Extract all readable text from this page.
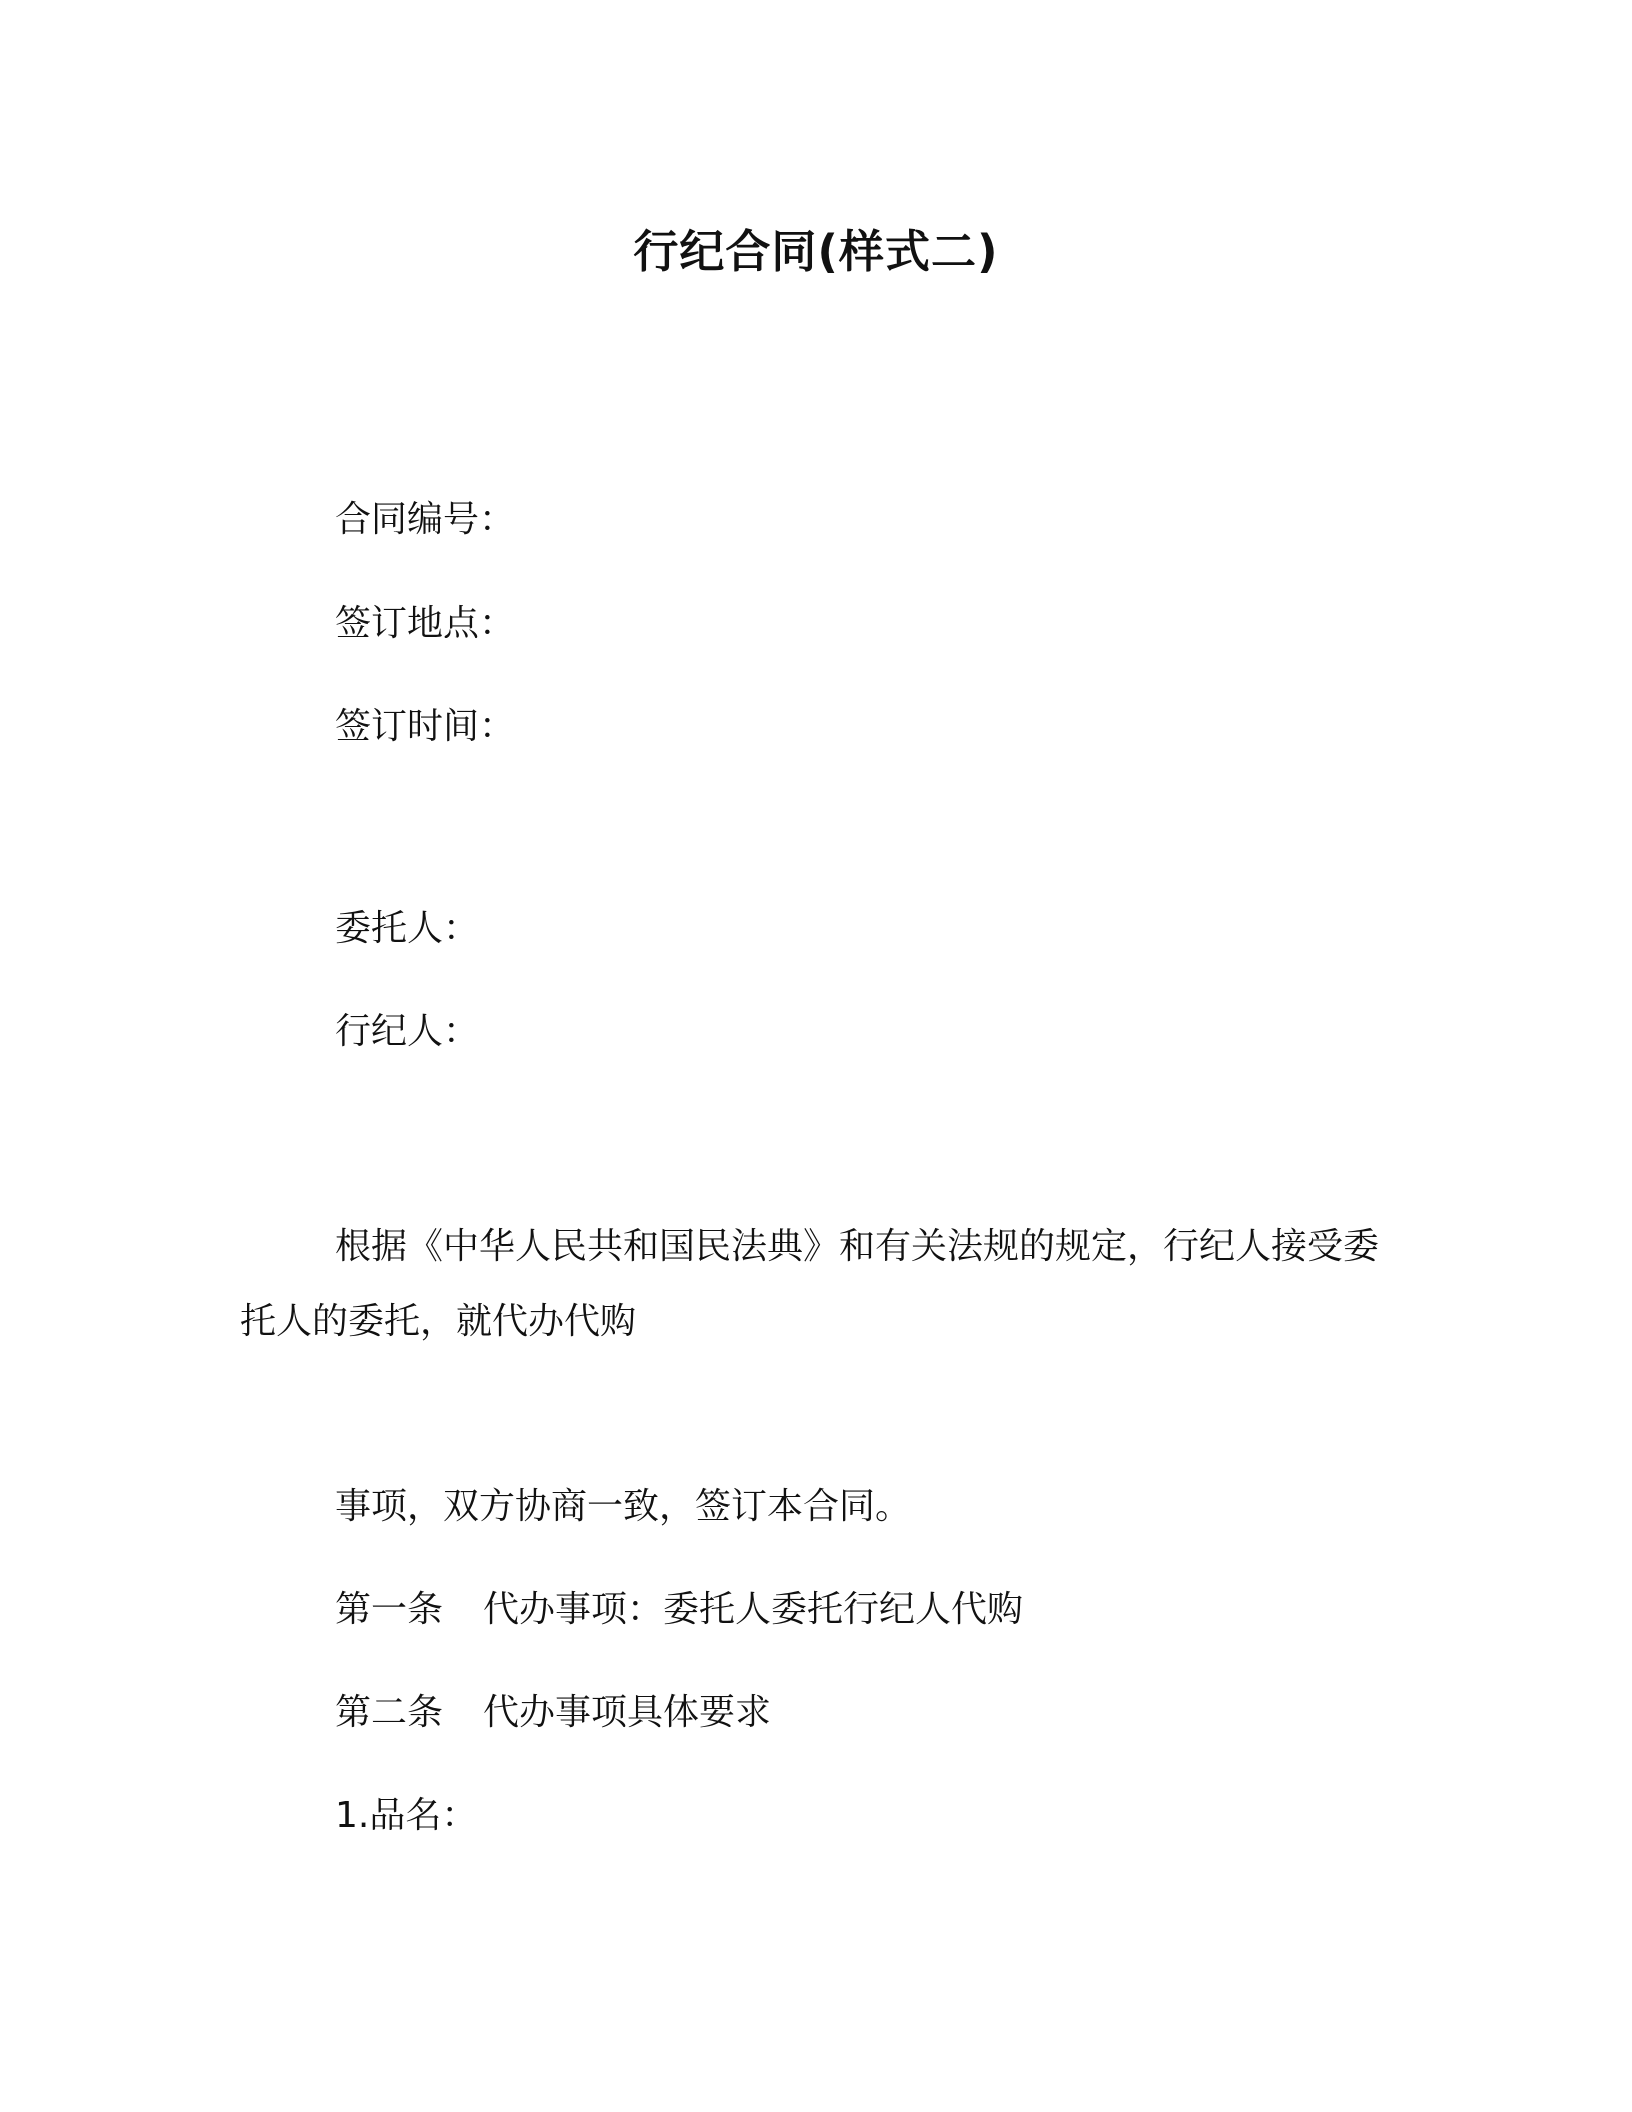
行纪合同(样式二)
合同编号：
签订地点：
签订时间：
委托人：
行纪人：
根据《中华人民共和国民法典》和有关法规的规定，行纪人接受委托人的委托，就代办代购
事项，双方协商一致，签订本合同。
第一条 代办事项：委托人委托行纪人代购
第二条 代办事项具体要求
1.品名：
